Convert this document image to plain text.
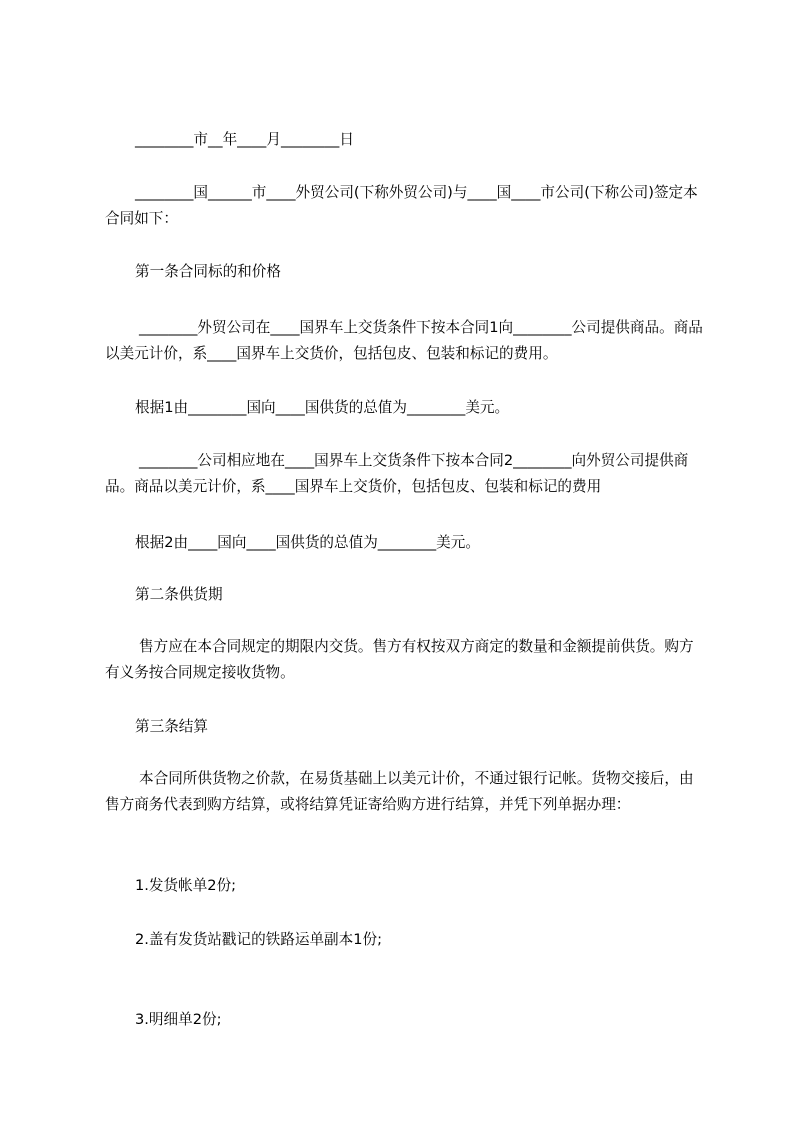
________市__年____月________日

________国______市____外贸公司(下称外贸公司)与____国____市公司(下称公司)签定本合同如下：

第一条合同标的和价格

________外贸公司在____国界车上交货条件下按本合同1向________公司提供商品。商品以美元计价，系____国界车上交货价，包括包皮、包装和标记的费用。

根据1由________国向____国供货的总值为________美元。

________公司相应地在____国界车上交货条件下按本合同2________向外贸公司提供商品。商品以美元计价，系____国界车上交货价，包括包皮、包装和标记的费用

根据2由____国向____国供货的总值为________美元。

第二条供货期

售方应在本合同规定的期限内交货。售方有权按双方商定的数量和金额提前供货。购方有义务按合同规定接收货物。

第三条结算

本合同所供货物之价款，在易货基础上以美元计价，不通过银行记帐。货物交接后，由售方商务代表到购方结算，或将结算凭证寄给购方进行结算，并凭下列单据办理：

1.发货帐单2份;

2.盖有发货站戳记的铁路运单副本1份;

3.明细单2份;
